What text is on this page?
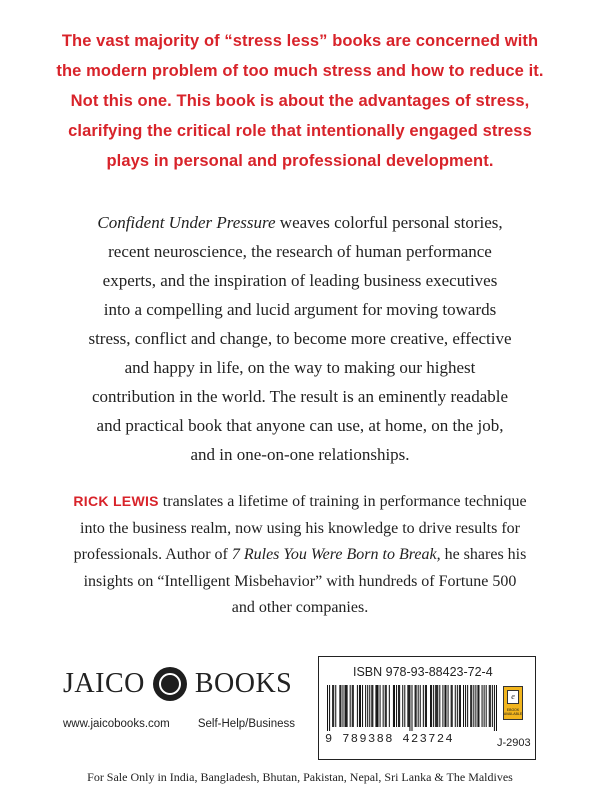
The vast majority of “stress less” books are concerned with
the modern problem of too much stress and how to reduce it.
Not this one. This book is about the advantages of stress,
clarifying the critical role that intentionally engaged stress
plays in personal and professional development.
Confident Under Pressure weaves colorful personal stories,
recent neuroscience, the research of human performance
experts, and the inspiration of leading business executives
into a compelling and lucid argument for moving towards
stress, conflict and change, to become more creative, effective
and happy in life, on the way to making our highest
contribution in the world. The result is an eminently readable
and practical book that anyone can use, at home, on the job,
and in one-on-one relationships.
RICK LEWIS translates a lifetime of training in performance technique
into the business realm, now using his knowledge to drive results for
professionals. Author of 7 Rules You Were Born to Break, he shares his
insights on “Intelligent Misbehavior” with hundreds of Fortune 500
and other companies.
JAICO BOOKS
www.jaicobooks.com Self-Help/Business
ISBN 978-93-88423-72-4
9 789388 423724
e
EBOOK AVAILABLE
J-2903
For Sale Only in India, Bangladesh, Bhutan, Pakistan, Nepal, Sri Lanka & The Maldives
